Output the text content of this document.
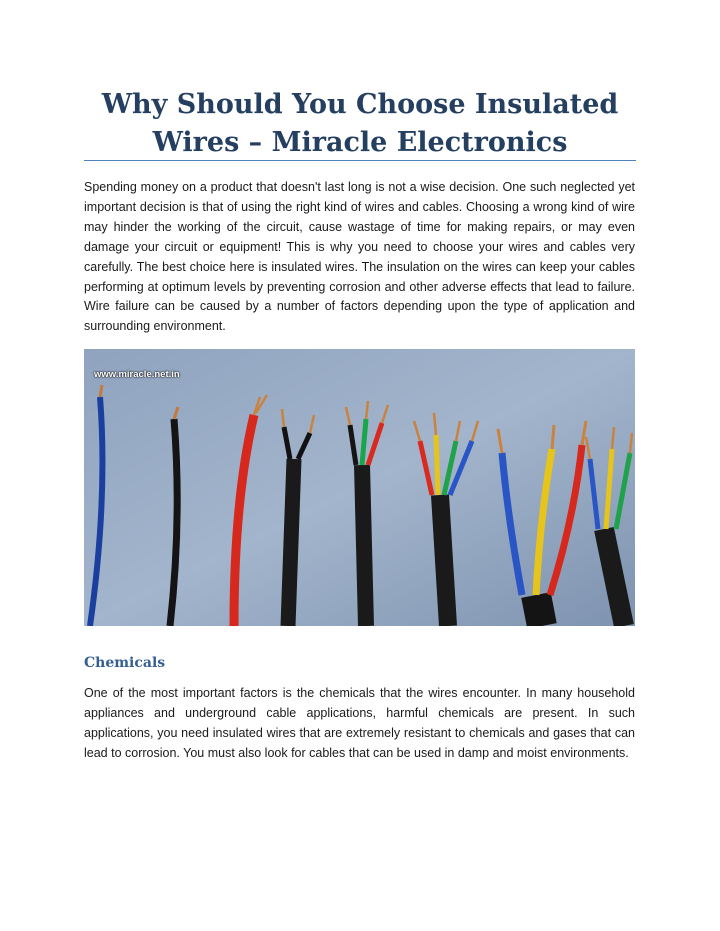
Why Should You Choose Insulated Wires – Miracle Electronics

Spending money on a product that doesn't last long is not a wise decision. One such neglected yet important decision is that of using the right kind of wires and cables. Choosing a wrong kind of wire may hinder the working of the circuit, cause wastage of time for making repairs, or may even damage your circuit or equipment! This is why you need to choose your wires and cables very carefully. The best choice here is insulated wires. The insulation on the wires can keep your cables performing at optimum levels by preventing corrosion and other adverse effects that lead to failure. Wire failure can be caused by a number of factors depending upon the type of application and surrounding environment.

www.miracle.net.in
Chemicals

One of the most important factors is the chemicals that the wires encounter. In many household appliances and underground cable applications, harmful chemicals are present. In such applications, you need insulated wires that are extremely resistant to chemicals and gases that can lead to corrosion. You must also look for cables that can be used in damp and moist environments.
